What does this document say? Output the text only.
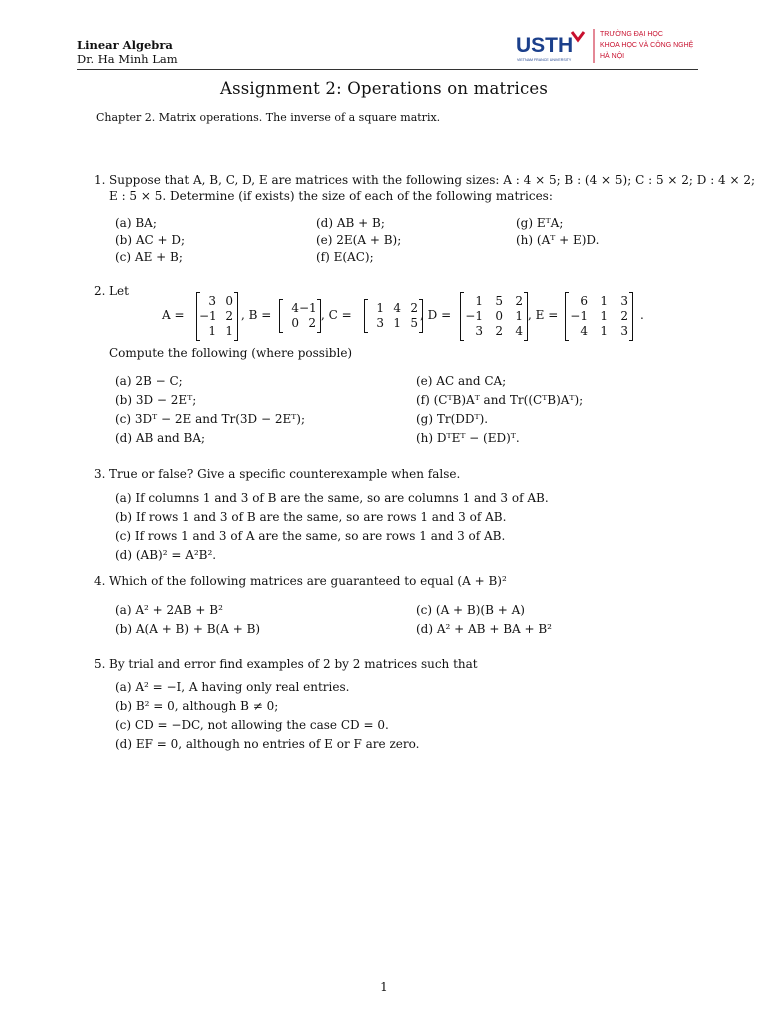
Linear Algebra
Dr. Ha Minh Lam
USTH
VIETNAM FRANCE UNIVERSITY
TRƯỜNG ĐẠI HỌC
KHOA HỌC VÀ CÔNG NGHỆ
HÀ NỘI
Assignment 2: Operations on matrices
Chapter 2. Matrix operations. The inverse of a square matrix.
1. Suppose that A, B, C, D, E are matrices with the following sizes: A : 4 × 5; B : (4 × 5); C : 5 × 2; D : 4 × 2;
E : 5 × 5. Determine (if exists) the size of each of the following matrices:
(a) BA;
(b) AC + D;
(c) AE + B;
(d) AB + B;
(e) 2E(A + B);
(f) E(AC);
(g) EᵀA;
(h) (Aᵀ + E)D.
2. Let
A =
3 0
−1 2
1 1
, B =	4 −1
0 2
, C =	1 4 2
3 1 5
, D =
1	5	2
−1	0	1
3	2	4
, E =
6	1	3
−1	1	2
4	1	3
.
Compute the following (where possible)
(a) 2B − C;
(b) 3D − 2Eᵀ;
(c) 3Dᵀ − 2E and Tr(3D − 2Eᵀ);
(d) AB and BA;
(e) AC and CA;
(f) (CᵀB)Aᵀ and Tr((CᵀB)Aᵀ);
(g) Tr(DDᵀ).
(h) DᵀEᵀ − (ED)ᵀ.
3. True or false? Give a specific counterexample when false.
(a) If columns 1 and 3 of B are the same, so are columns 1 and 3 of AB.
(b) If rows 1 and 3 of B are the same, so are rows 1 and 3 of AB.
(c) If rows 1 and 3 of A are the same, so are rows 1 and 3 of AB.
(d) (AB)² = A²B².
4. Which of the following matrices are guaranteed to equal (A + B)²
(a) A² + 2AB + B²
(b) A(A + B) + B(A + B)
(c) (A + B)(B + A)
(d) A² + AB + BA + B²
5. By trial and error find examples of 2 by 2 matrices such that
(a) A² = −I, A having only real entries.
(b) B² = 0, although B ≠ 0;
(c) CD = −DC, not allowing the case CD = 0.
(d) EF = 0, although no entries of E or F are zero.
1
